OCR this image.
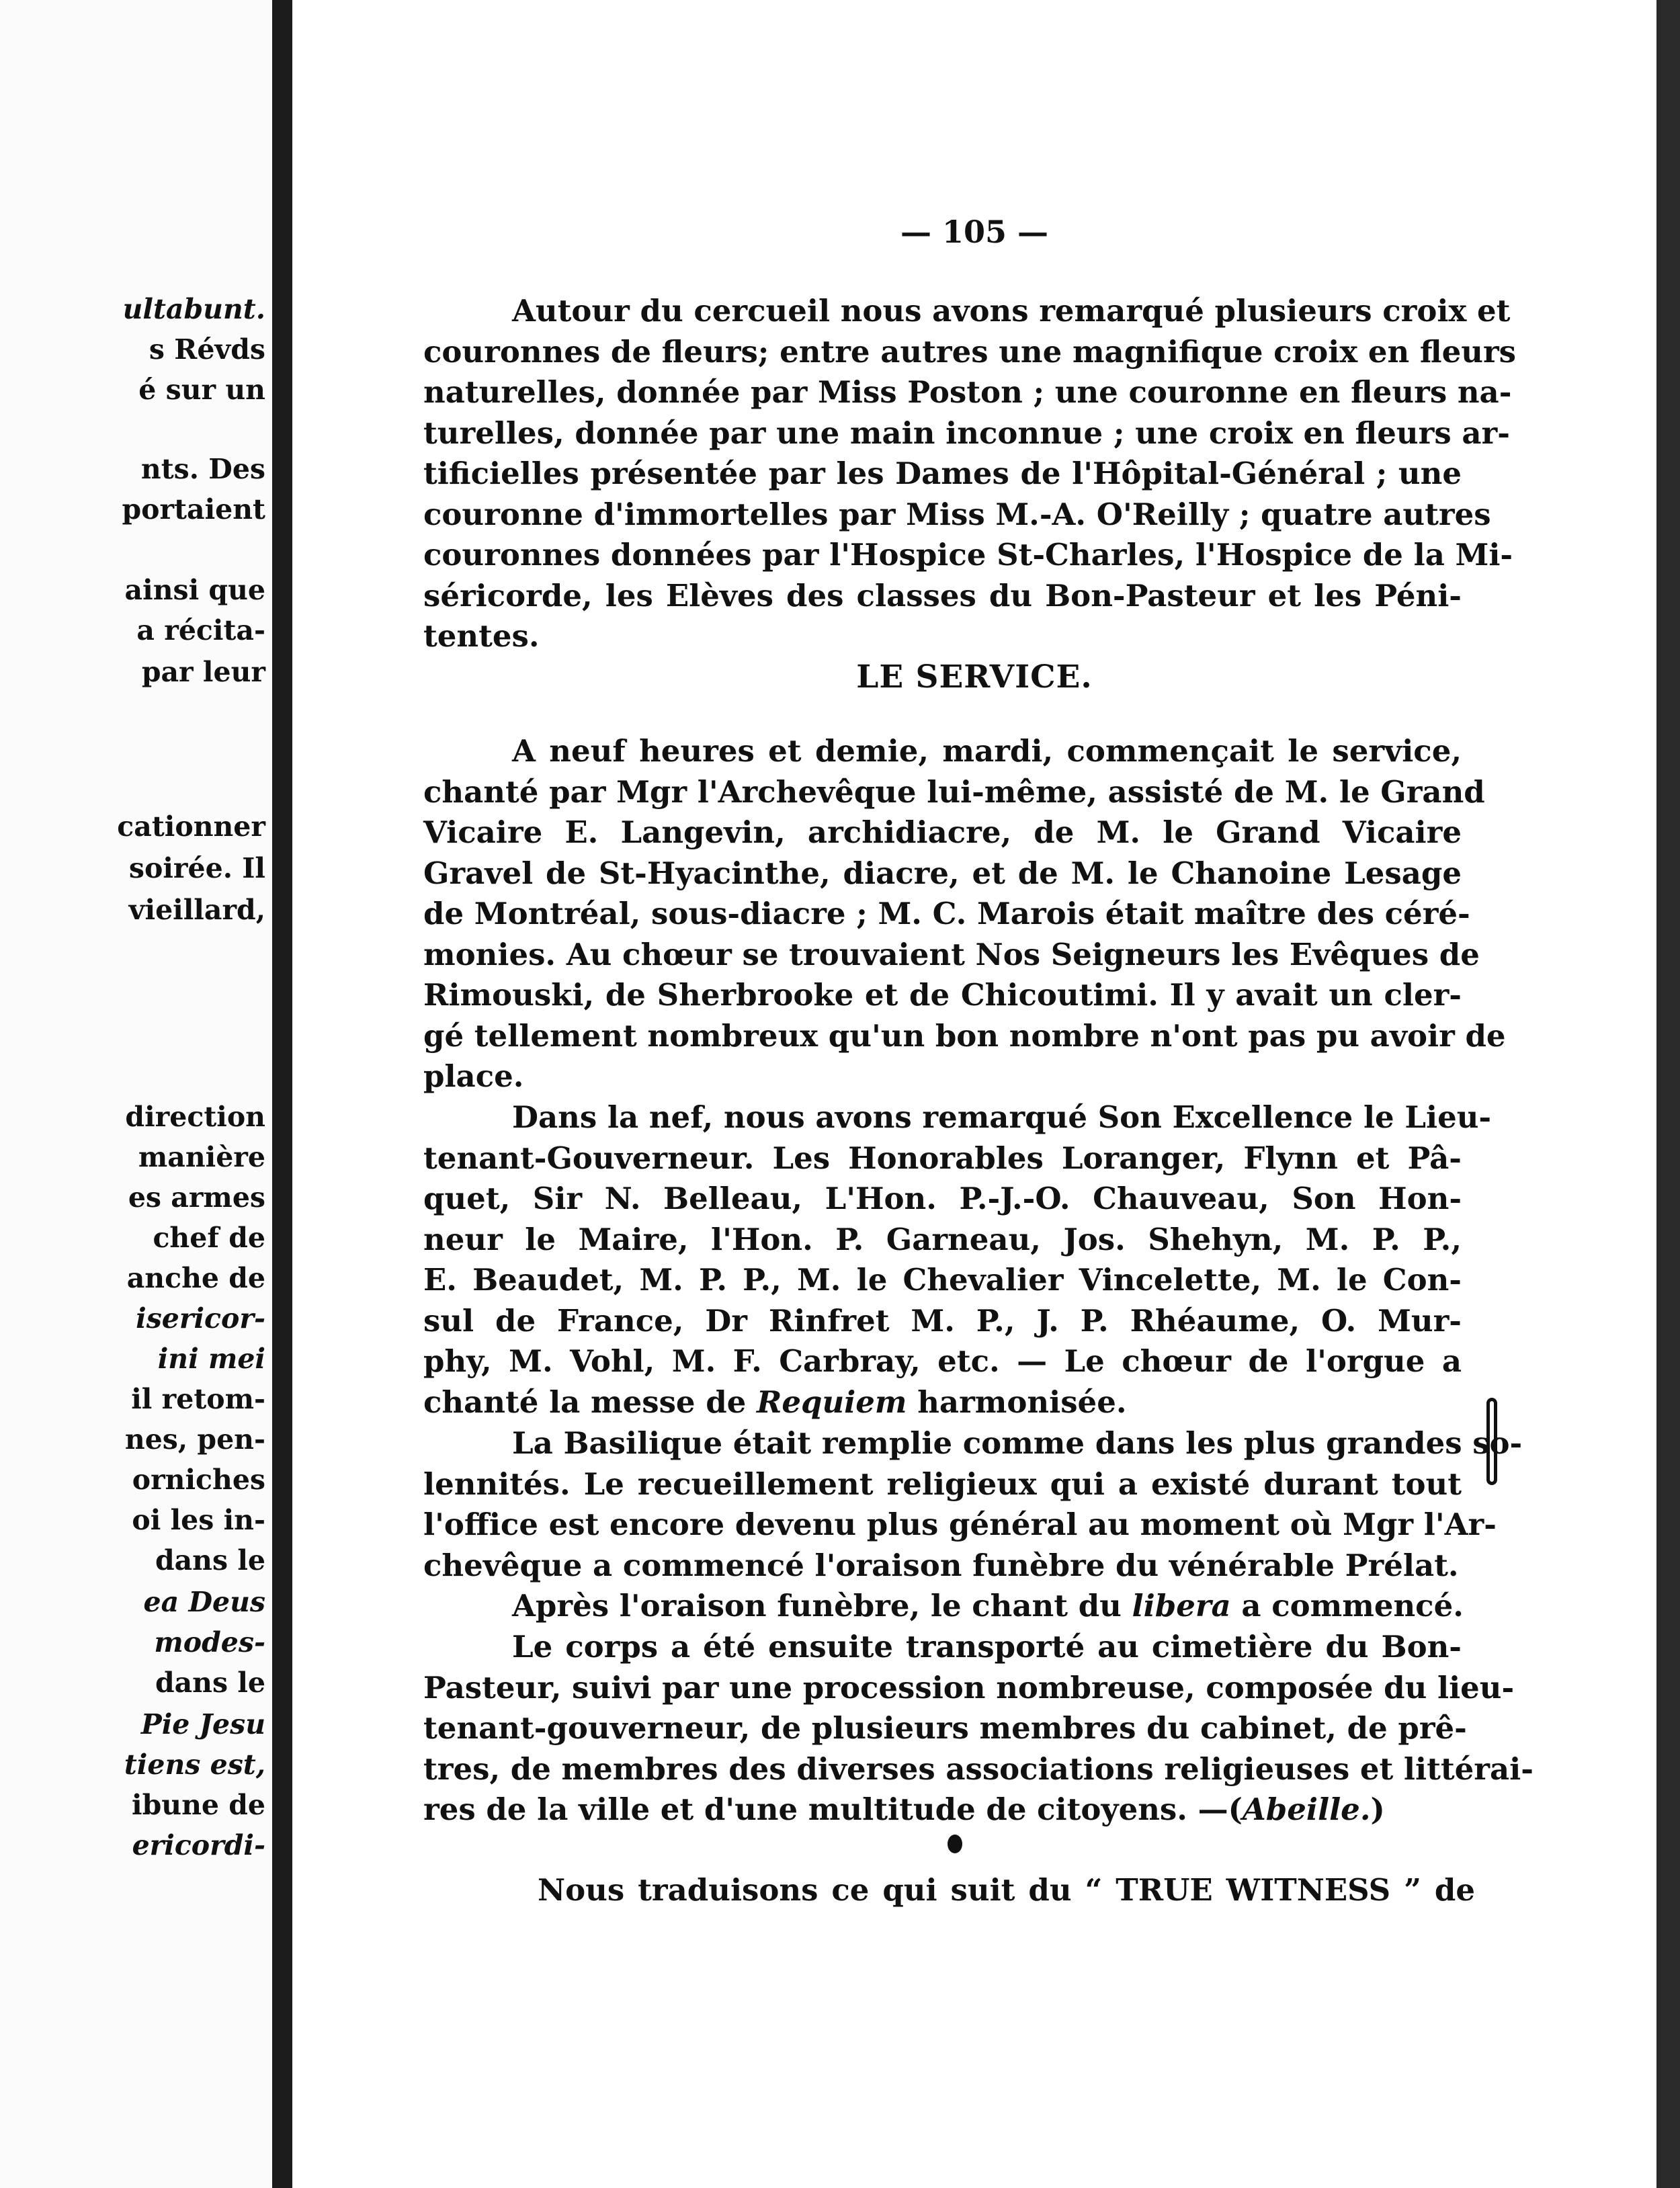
ultabunt.
s Révds
é sur un
nts. Des
portaient
ainsi que
a récita-
par leur
cationner
soirée. Il
vieillard,
direction
manière
es armes
chef de
anche de
isericor-
ini mei
il retom-
nes, pen-
orniches
oi les in-
dans le
ea Deus
modes-
dans le
Pie Jesu
tiens est,
ibune de
ericordi-
— 105 —
LE SERVICE.
Autour du cercueil nous avons remarqué plusieurs croix et
couronnes de fleurs; entre autres une magnifique croix en fleurs
naturelles, donnée par Miss Poston ; une couronne en fleurs na-
turelles, donnée par une main inconnue ; une croix en fleurs ar-
tificielles présentée par les Dames de l'Hôpital-Général ; une
couronne d'immortelles par Miss M.-A. O'Reilly ; quatre autres
couronnes données par l'Hospice St-Charles, l'Hospice de la Mi-
séricorde, les Elèves des classes du Bon-Pasteur et les Péni-
tentes.
A neuf heures et demie, mardi, commençait le service,
chanté par Mgr l'Archevêque lui-même, assisté de M. le Grand
Vicaire E. Langevin, archidiacre, de M. le Grand Vicaire
Gravel de St-Hyacinthe, diacre, et de M. le Chanoine Lesage
de Montréal, sous-diacre ; M. C. Marois était maître des céré-
monies. Au chœur se trouvaient Nos Seigneurs les Evêques de
Rimouski, de Sherbrooke et de Chicoutimi. Il y avait un cler-
gé tellement nombreux qu'un bon nombre n'ont pas pu avoir de
place.
Dans la nef, nous avons remarqué Son Excellence le Lieu-
tenant-Gouverneur. Les Honorables Loranger, Flynn et Pâ-
quet, Sir N. Belleau, L'Hon. P.-J.-O. Chauveau, Son Hon-
neur le Maire, l'Hon. P. Garneau, Jos. Shehyn, M. P. P.,
E. Beaudet, M. P. P., M. le Chevalier Vincelette, M. le Con-
sul de France, Dr Rinfret M. P., J. P. Rhéaume, O. Mur-
phy, M. Vohl, M. F. Carbray, etc. — Le chœur de l'orgue a
chanté la messe de Requiem harmonisée.
La Basilique était remplie comme dans les plus grandes so-
lennités. Le recueillement religieux qui a existé durant tout
l'office est encore devenu plus général au moment où Mgr l'Ar-
chevêque a commencé l'oraison funèbre du vénérable Prélat.
Après l'oraison funèbre, le chant du libera a commencé.
Le corps a été ensuite transporté au cimetière du Bon-
Pasteur, suivi par une procession nombreuse, composée du lieu-
tenant-gouverneur, de plusieurs membres du cabinet, de prê-
tres, de membres des diverses associations religieuses et littérai-
res de la ville et d'une multitude de citoyens. —(Abeille.)
Nous traduisons ce qui suit du “ TRUE WITNESS ” de
